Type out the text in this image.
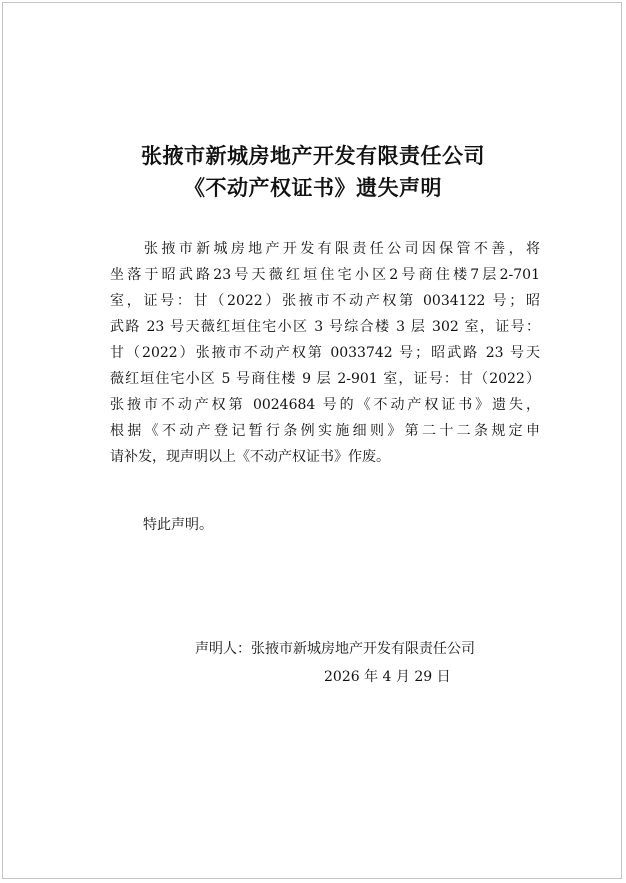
张掖市新城房地产开发有限责任公司
《不动产权证书》遗失声明
张掖市新城房地产开发有限责任公司因保管不善，将
坐落于昭武路23号天薇红垣住宅小区2号商住楼7层2-701
室，证号：甘（2022）张掖市不动产权第 0034122 号；昭
武路 23 号天薇红垣住宅小区 3 号综合楼 3 层 302 室，证号：
甘（2022）张掖市不动产权第 0033742 号；昭武路 23 号天
薇红垣住宅小区 5 号商住楼 9 层 2-901 室，证号：甘（2022）
张掖市不动产权第 0024684 号的《不动产权证书》遗失，
根据《不动产登记暂行条例实施细则》第二十二条规定申
请补发，现声明以上《不动产权证书》作废。

特此声明。

声明人：张掖市新城房地产开发有限责任公司

2026 年 4 月 29 日
